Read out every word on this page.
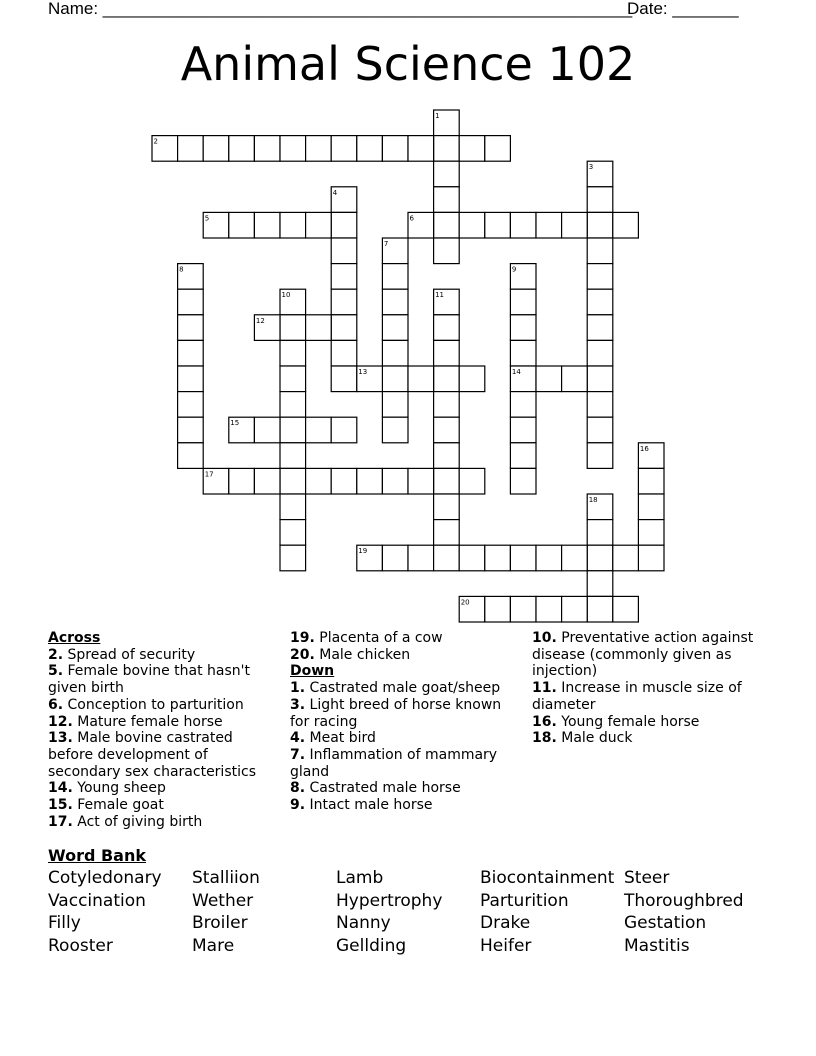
Name: ________________________________________________________
Date: _______
Animal Science 102
1
2
3
4
5	6
7
8	9
10	11
12
13	14
15
16
17
18
19
20
Across
2. Spread of security
5. Female bovine that hasn't given birth
6. Conception to parturition
12. Mature female horse
13. Male bovine castrated before development of secondary sex characteristics
14. Young sheep
15. Female goat
17. Act of giving birth
19. Placenta of a cow
20. Male chicken
Down
1. Castrated male goat/sheep
3. Light breed of horse known for racing
4. Meat bird
7. Inflammation of mammary gland
8. Castrated male horse
9. Intact male horse
10. Preventative action against disease (commonly given as injection)
11. Increase in muscle size of diameter
16. Young female horse
18. Male duck
Word Bank
Cotyledonary Stalliion	Lamb	Biocontainment Steer
Vaccination	Wether	Hypertrophy Parturition	Thoroughbred
Filly	Broiler	Nanny	Drake	Gestation
Rooster	Mare	Gellding	Heifer	Mastitis
